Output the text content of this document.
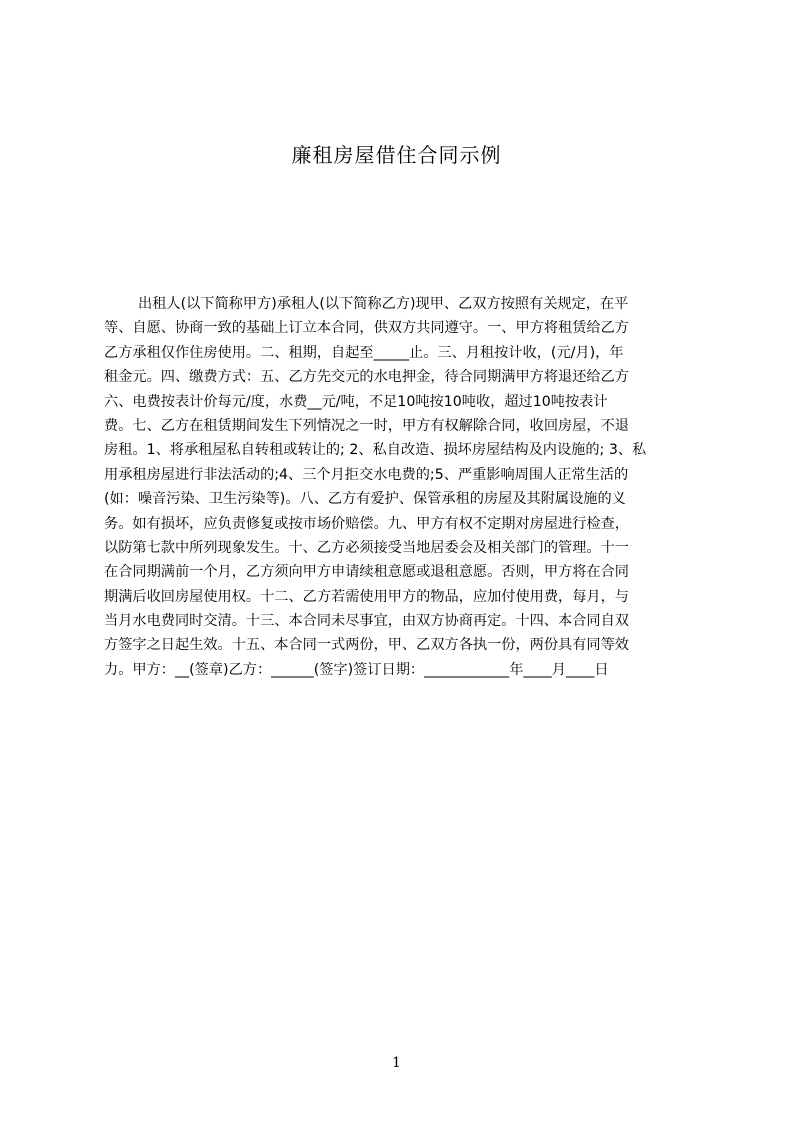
廉租房屋借住合同示例
出租人(以下简称甲方)承租人(以下简称乙方)现甲、乙双方按照有关规定，在平
等、自愿、协商一致的基础上订立本合同，供双方共同遵守。一、甲方将租赁给乙方
乙方承租仅作住房使用。二、租期，自起至_____止。三、月租按计收，(元/月)，年
租金元。四、缴费方式：五、乙方先交元的水电押金，待合同期满甲方将退还给乙方
六、电费按表计价每元/度，水费__元/吨，不足10吨按10吨收，超过10吨按表计
费。七、乙方在租赁期间发生下列情况之一时，甲方有权解除合同，收回房屋，不退
房租。1、将承租屋私自转租或转让的; 2、私自改造、损坏房屋结构及内设施的; 3、私
用承租房屋进行非法活动的;4、三个月拒交水电费的;5、严重影响周围人正常生活的
(如：噪音污染、卫生污染等)。八、乙方有爱护、保管承租的房屋及其附属设施的义
务。如有损坏，应负责修复或按市场价赔偿。九、甲方有权不定期对房屋进行检查，
以防第七款中所列现象发生。十、乙方必须接受当地居委会及相关部门的管理。十一
在合同期满前一个月，乙方须向甲方申请续租意愿或退租意愿。否则，甲方将在合同
期满后收回房屋使用权。十二、乙方若需使用甲方的物品，应加付使用费，每月，与
当月水电费同时交清。十三、本合同未尽事宜，由双方协商再定。十四、本合同自双
方签字之日起生效。十五、本合同一式两份，甲、乙双方各执一份，两份具有同等效
力。甲方：__(签章)乙方：______(签字)签订日期：____________年____月____日
1
